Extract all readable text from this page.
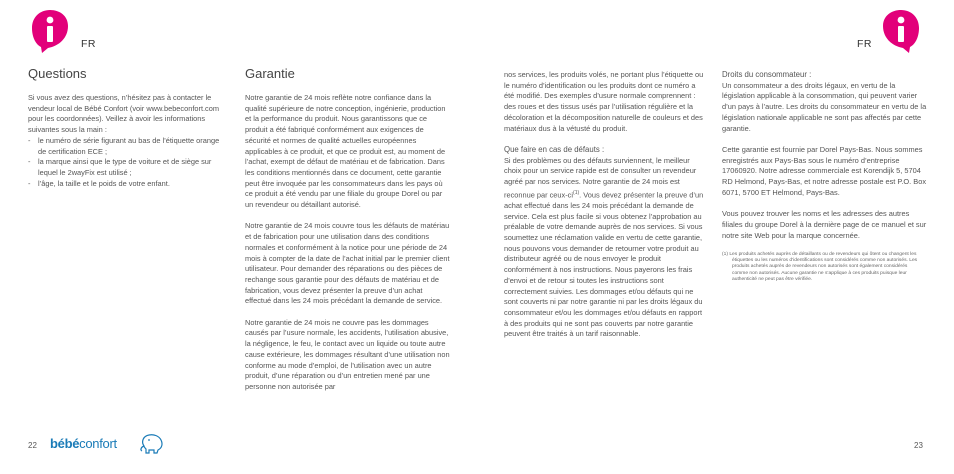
FR	FR
Questions
Si vous avez des questions, n’hésitez pas à contacter le vendeur local de Bébé Confort (voir www.bebeconfort.com pour les coordonnées). Veillez à avoir les informations suivantes sous la main :
- le numéro de série figurant au bas de l’étiquette orange de certification ECE ;
- la marque ainsi que le type de voiture et de siège sur lequel le 2wayFix est utilisé ;
- l’âge, la taille et le poids de votre enfant.
Garantie

Notre garantie de 24 mois reflète notre confiance dans la qualité supérieure de notre conception, ingénierie, production et la performance du produit. Nous garantissons que ce produit a été fabriqué conformément aux exigences de sécurité et normes de qualité actuelles européennes applicables à ce produit, et que ce produit est, au moment de l’achat, exempt de défaut de matériau et de fabrication. Dans les conditions mentionnés dans ce document, cette garantie peut être invoquée par les consommateurs dans les pays où ce produit a été vendu par une filiale du groupe Dorel ou par un revendeur ou détaillant autorisé.

Notre garantie de 24 mois couvre tous les défauts de matériau et de fabrication pour une utilisation dans des conditions normales et conformément à la notice pour une période de 24 mois à compter de la date de l’achat initial par le premier client utilisateur. Pour demander des réparations ou des pièces de rechange sous garantie pour des défauts de matériau et de fabrication, vous devez présenter la preuve d’un achat effectué dans les 24 mois précédant la demande de service.

Notre garantie de 24 mois ne couvre pas les dommages causés par l’usure normale, les accidents, l’utilisation abusive, la négligence, le feu, le contact avec un liquide ou toute autre cause extérieure, les dommages résultant d’une utilisation non conforme au mode d’emploi, de l’utilisation avec un autre produit, d’une réparation ou d’un entretien mené par une personne non autorisée par

nos services, les produits volés, ne portant plus l’étiquette ou le numéro d’identification ou les produits dont ce numéro a été modifié. Des exemples d’usure normale comprennent : des roues et des tissus usés par l’utilisation régulière et la décoloration et la décomposition naturelle de couleurs et des matériaux dus à la vétusté du produit.

Que faire en cas de défauts :

Si des problèmes ou des défauts surviennent, le meilleur choix pour un service rapide est de consulter un revendeur agréé par nos services. Notre garantie de 24 mois est reconnue par ceux-$ci^{(1)}$. Vous devez présenter la preuve d’un achat effectué dans les 24 mois précédant la demande de service. Cela est plus facile si vous obtenez l’approbation au préalable de votre demande auprès de nos services. Si vous soumettez une réclamation valide en vertu de cette garantie, nous pouvons vous demander de retourner votre produit au distributeur agréé ou de nous envoyer le produit conformément à nos instructions. Nous payerons les frais d’envoi et de retour si toutes les instructions sont correctement suivies. Les dommages et/ou défauts qui ne sont couverts ni par notre garantie ni par les droits légaux du consommateur et/ou les dommages et/ou défauts en rapport à des produits qui ne sont pas couverts par notre garantie peuvent être traités à un tarif raisonnable.

Droits du consommateur :

Un consommateur a des droits légaux, en vertu de la législation applicable à la consommation, qui peuvent varier d’un pays à l’autre. Les droits du consommateur en vertu de la législation nationale applicable ne sont pas affectés par cette garantie.

Cette garantie est fournie par Dorel Pays-Bas. Nous sommes enregistrés aux Pays-Bas sous le numéro d’entreprise 17060920. Notre adresse commerciale est Korendijk 5, 5704 RD Helmond, Pays-Bas, et notre adresse postale est P.O. Box 6071, 5700 ET Helmond, Pays-Bas.

Vous pouvez trouver les noms et les adresses des autres filiales du groupe Dorel à la dernière page de ce manuel et sur notre site Web pour la marque concernée.

(1) Les produits achetés auprès de détaillants ou de revendeurs qui ôtent ou changent les étiquettes ou les numéros d’identifications sont considérés comme non autorisés. Les produits achetés auprès de revendeurs non autorisés sont également considérés comme non autorisés. Aucune garantie ne s’applique à ces produits puisque leur authenticité ne peut pas être vérifiée.
22 bébéconfort	23
